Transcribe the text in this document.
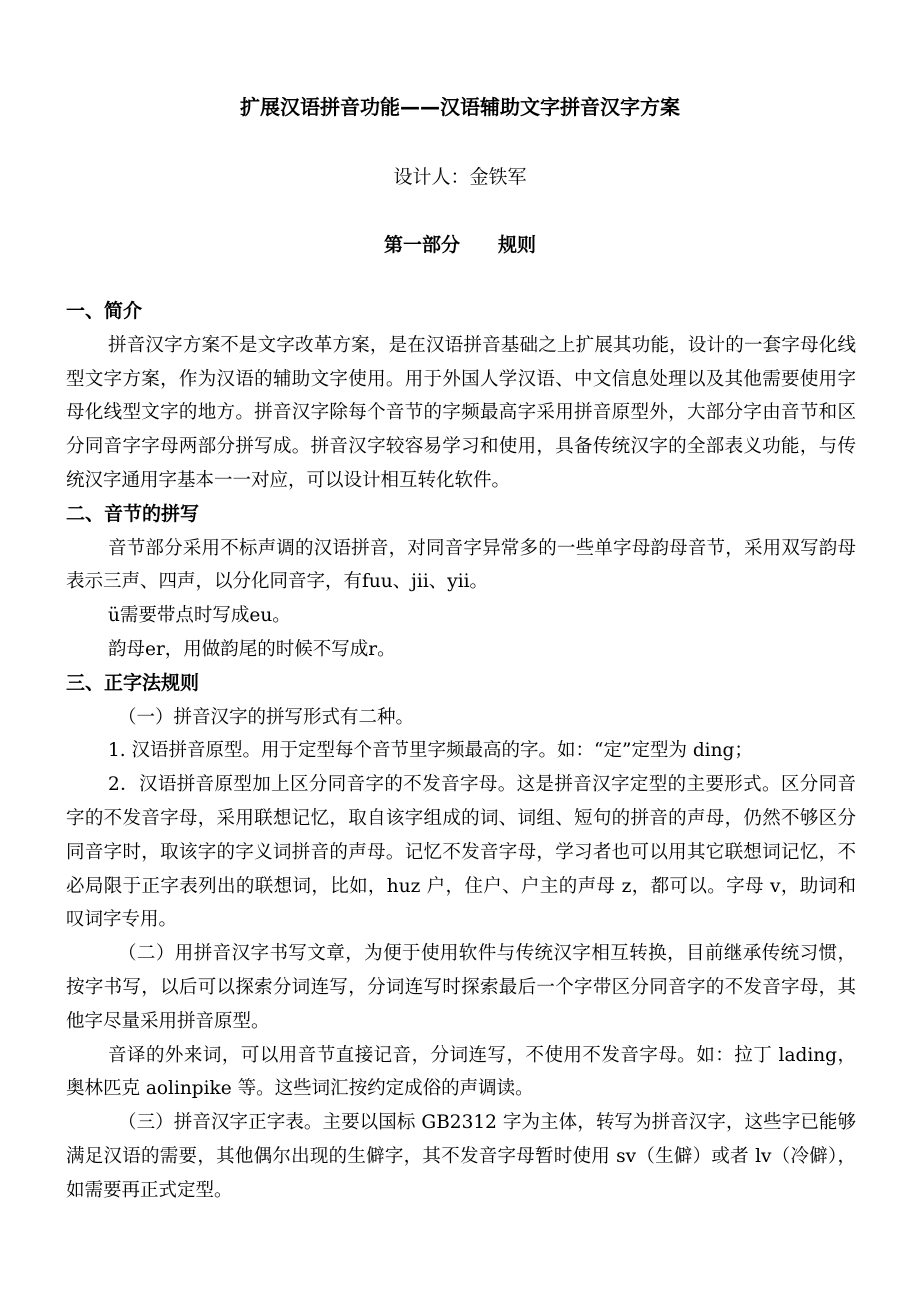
扩展汉语拼音功能——汉语辅助文字拼音汉字方案
设计人：金铁军
第一部分 规则
一、简介

拼音汉字方案不是文字改革方案，是在汉语拼音基础之上扩展其功能，设计的一套字母化线型文字方案，作为汉语的辅助文字使用。用于外国人学汉语、中文信息处理以及其他需要使用字母化线型文字的地方。拼音汉字除每个音节的字频最高字采用拼音原型外，大部分字由音节和区分同音字字母两部分拼写成。拼音汉字较容易学习和使用，具备传统汉字的全部表义功能，与传统汉字通用字基本一一对应，可以设计相互转化软件。

二、音节的拼写

音节部分采用不标声调的汉语拼音，对同音字异常多的一些单字母韵母音节，采用双写韵母表示三声、四声，以分化同音字，有fuu、jii、yii。

ü需要带点时写成eu。

韵母er，用做韵尾的时候不写成r。

三、正字法规则

（一）拼音汉字的拼写形式有二种。

1. 汉语拼音原型。用于定型每个音节里字频最高的字。如：“定”定型为 ding；

2．汉语拼音原型加上区分同音字的不发音字母。这是拼音汉字定型的主要形式。区分同音字的不发音字母，采用联想记忆，取自该字组成的词、词组、短句的拼音的声母，仍然不够区分同音字时，取该字的字义词拼音的声母。记忆不发音字母，学习者也可以用其它联想词记忆，不必局限于正字表列出的联想词，比如，huz 户，住户、户主的声母 z，都可以。字母 v，助词和叹词字专用。

（二）用拼音汉字书写文章，为便于使用软件与传统汉字相互转换，目前继承传统习惯，按字书写，以后可以探索分词连写，分词连写时探索最后一个字带区分同音字的不发音字母，其他字尽量采用拼音原型。

音译的外来词，可以用音节直接记音，分词连写，不使用不发音字母。如：拉丁 lading，奥林匹克 aolinpike 等。这些词汇按约定成俗的声调读。

（三）拼音汉字正字表。主要以国标 GB2312 字为主体，转写为拼音汉字，这些字已能够满足汉语的需要，其他偶尔出现的生僻字，其不发音字母暂时使用 sv（生僻）或者 lv（冷僻），如需要再正式定型。
